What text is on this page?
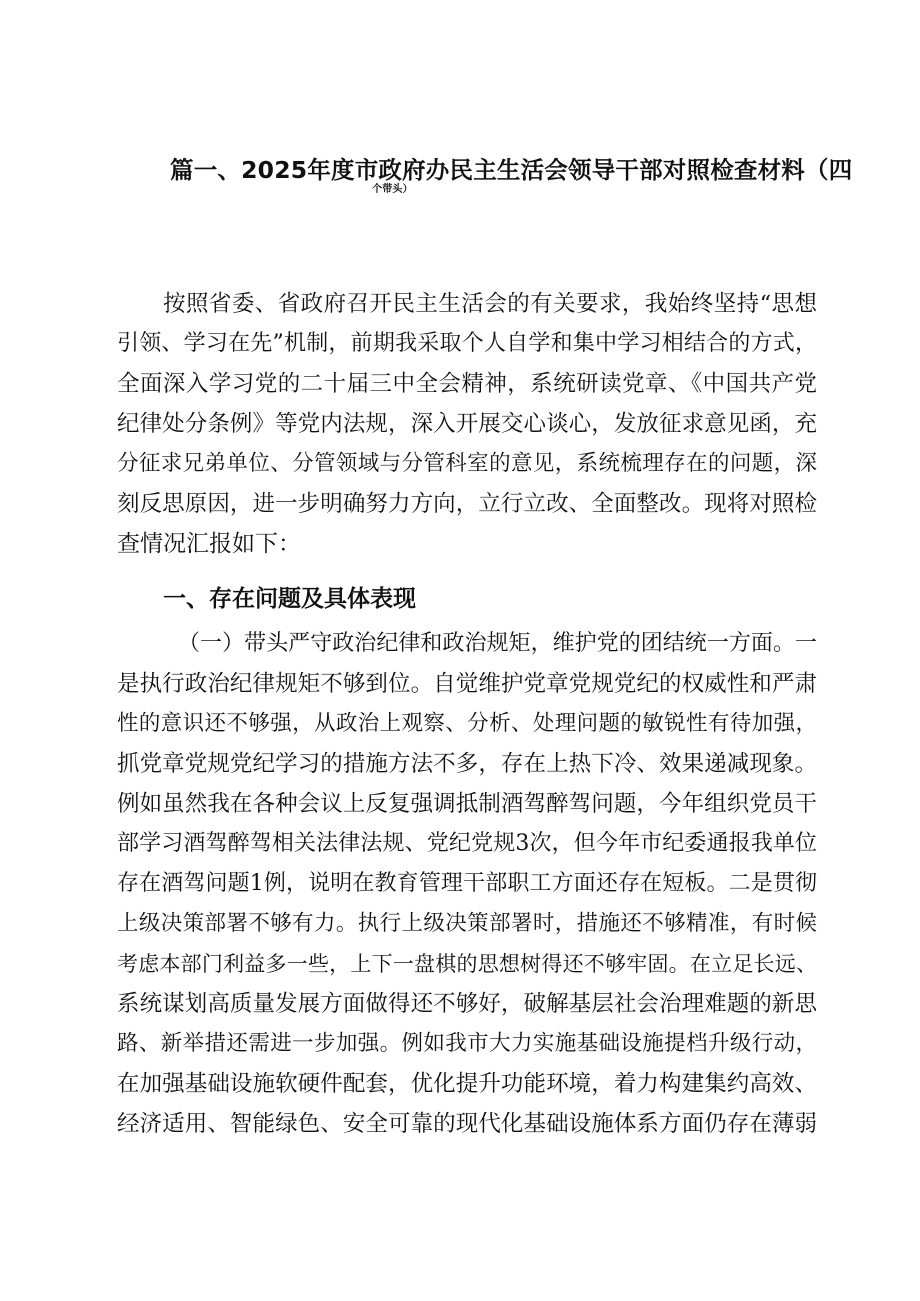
篇一、2025年度市政府办民主生活会领导干部对照检查材料（四
个带头）
按照省委、省政府召开民主生活会的有关要求，我始终坚持“思想
引领、学习在先”机制，前期我采取个人自学和集中学习相结合的方式，
全面深入学习党的二十届三中全会精神，系统研读党章、《中国共产党
纪律处分条例》等党内法规，深入开展交心谈心，发放征求意见函，充
分征求兄弟单位、分管领域与分管科室的意见，系统梳理存在的问题，深
刻反思原因，进一步明确努力方向，立行立改、全面整改。现将对照检
查情况汇报如下：
一、存在问题及具体表现
（一）带头严守政治纪律和政治规矩，维护党的团结统一方面。一
是执行政治纪律规矩不够到位。自觉维护党章党规党纪的权威性和严肃
性的意识还不够强，从政治上观察、分析、处理问题的敏锐性有待加强，
抓党章党规党纪学习的措施方法不多，存在上热下冷、效果递减现象。
例如虽然我在各种会议上反复强调抵制酒驾醉驾问题，今年组织党员干
部学习酒驾醉驾相关法律法规、党纪党规3次，但今年市纪委通报我单位
存在酒驾问题1例，说明在教育管理干部职工方面还存在短板。二是贯彻
上级决策部署不够有力。执行上级决策部署时，措施还不够精准，有时候
考虑本部门利益多一些，上下一盘棋的思想树得还不够牢固。在立足长远、
系统谋划高质量发展方面做得还不够好，破解基层社会治理难题的新思
路、新举措还需进一步加强。例如我市大力实施基础设施提档升级行动，
在加强基础设施软硬件配套，优化提升功能环境，着力构建集约高效、
经济适用、智能绿色、安全可靠的现代化基础设施体系方面仍存在薄弱
